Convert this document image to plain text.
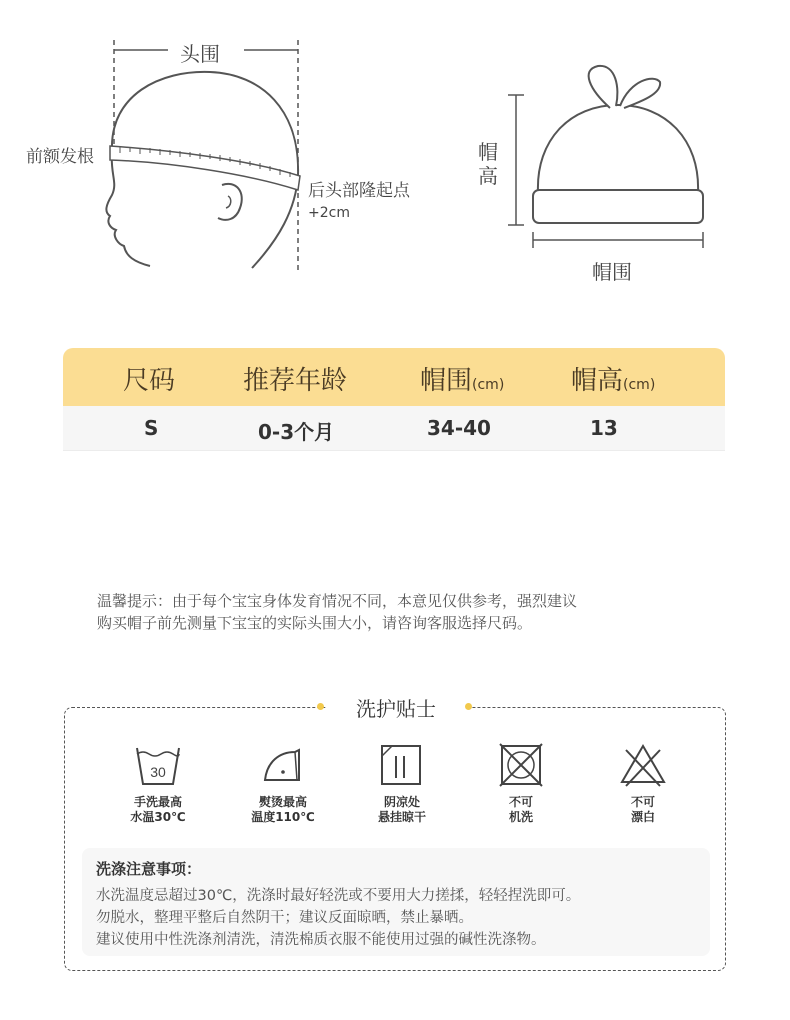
头围
前额发根
后头部隆起点
+2cm
帽高
帽围
尺码	推荐年龄	帽围(cm)	帽高(cm)
S	0-3个月	34-40	13
温馨提示：由于每个宝宝身体发育情况不同，本意见仅供参考，强烈建议
购买帽子前先测量下宝宝的实际头围大小，请咨询客服选择尺码。
洗护贴士
30
手洗最高
水温30℃
熨烫最高
温度110℃
阴凉处
悬挂晾干
不可
机洗
不可
漂白
洗涤注意事项：
水洗温度忌超过30℃，洗涤时最好轻洗或不要用大力搓揉，轻轻捏洗即可。
勿脱水，整理平整后自然阴干；建议反面晾晒，禁止暴晒。
建议使用中性洗涤剂清洗，清洗棉质衣服不能使用过强的碱性洗涤物。
